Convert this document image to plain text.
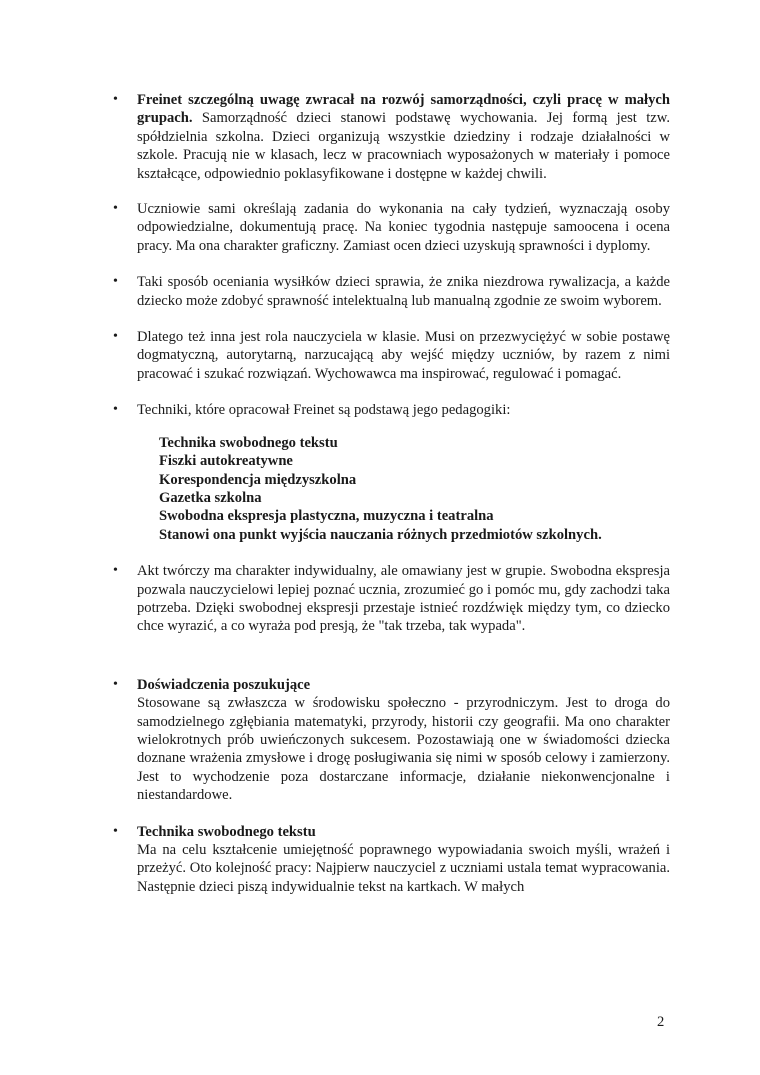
• Freinet szczególną uwagę zwracał na rozwój samorządności, czyli pracę w małych grupach. Samorządność dzieci stanowi podstawę wychowania. Jej formą jest tzw. spółdzielnia szkolna. Dzieci organizują wszystkie dziedziny i rodzaje działalności w szkole. Pracują nie w klasach, lecz w pracowniach wyposażonych w materiały i pomoce kształcące, odpowiednio poklasyfikowane i dostępne w każdej chwili.
• Uczniowie sami określają zadania do wykonania na cały tydzień, wyznaczają osoby odpowiedzialne, dokumentują pracę. Na koniec tygodnia następuje samoocena i ocena pracy. Ma ona charakter graficzny. Zamiast ocen dzieci uzyskują sprawności i dyplomy.
• Taki sposób oceniania wysiłków dzieci sprawia, że znika niezdrowa rywalizacja, a każde dziecko może zdobyć sprawność intelektualną lub manualną zgodnie ze swoim wyborem.
• Dlatego też inna jest rola nauczyciela w klasie. Musi on przezwyciężyć w sobie postawę dogmatyczną, autorytarną, narzucającą aby wejść między uczniów, by razem z nimi pracować i szukać rozwiązań. Wychowawca ma inspirować, regulować i pomagać.
• Techniki, które opracował Freinet są podstawą jego pedagogiki:
Technika swobodnego tekstu
Fiszki autokreatywne
Korespondencja międzyszkolna
Gazetka szkolna
Swobodna ekspresja plastyczna, muzyczna i teatralna
Stanowi ona punkt wyjścia nauczania różnych przedmiotów szkolnych.
• Akt twórczy ma charakter indywidualny, ale omawiany jest w grupie. Swobodna ekspresja pozwala nauczycielowi lepiej poznać ucznia, zrozumieć go i pomóc mu, gdy zachodzi taka potrzeba. Dzięki swobodnej ekspresji przestaje istnieć rozdźwięk między tym, co dziecko chce wyrazić, a co wyraża pod presją, że "tak trzeba, tak wypada".
• Doświadczenia poszukujące
Stosowane są zwłaszcza w środowisku społeczno - przyrodniczym. Jest to droga do samodzielnego zgłębiania matematyki, przyrody, historii czy geografii. Ma ono charakter wielokrotnych prób uwieńczonych sukcesem. Pozostawiają one w świadomości dziecka doznane wrażenia zmysłowe i drogę posługiwania się nimi w sposób celowy i zamierzony. Jest to wychodzenie poza dostarczane informacje, działanie niekonwencjonalne i niestandardowe.
• Technika swobodnego tekstu
Ma na celu kształcenie umiejętność poprawnego wypowiadania swoich myśli, wrażeń i przeżyć. Oto kolejność pracy: Najpierw nauczyciel z uczniami ustala temat wypracowania. Następnie dzieci piszą indywidualnie tekst na kartkach. W małych
2
